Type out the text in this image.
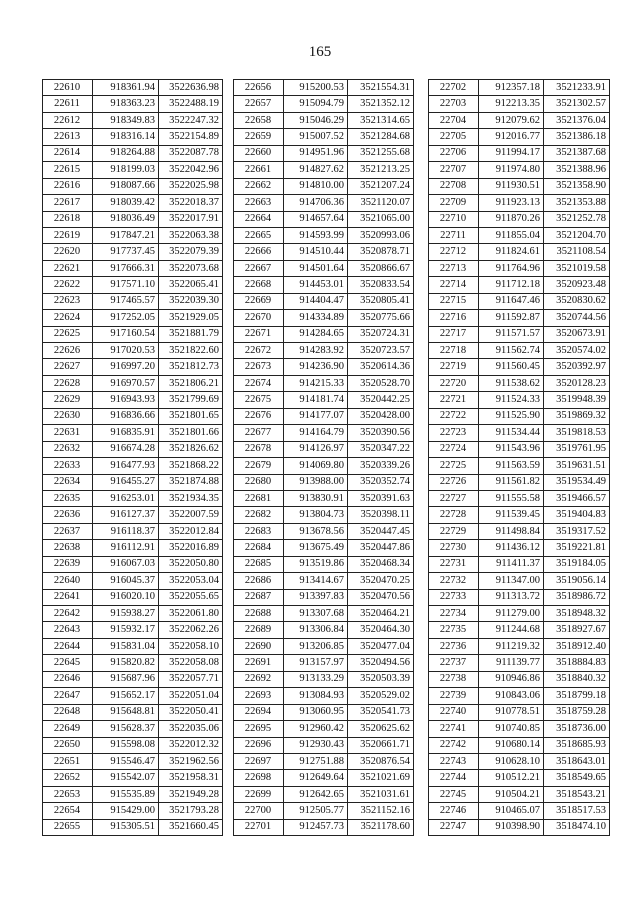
165
22610	918361.94	3522636.98
22611	918363.23	3522488.19
22612	918349.83	3522247.32
22613	918316.14	3522154.89
22614	918264.88	3522087.78
22615	918199.03	3522042.96
22616	918087.66	3522025.98
22617	918039.42	3522018.37
22618	918036.49	3522017.91
22619	917847.21	3522063.38
22620	917737.45	3522079.39
22621	917666.31	3522073.68
22622	917571.10	3522065.41
22623	917465.57	3522039.30
22624	917252.05	3521929.05
22625	917160.54	3521881.79
22626	917020.53	3521822.60
22627	916997.20	3521812.73
22628	916970.57	3521806.21
22629	916943.93	3521799.69
22630	916836.66	3521801.65
22631	916835.91	3521801.66
22632	916674.28	3521826.62
22633	916477.93	3521868.22
22634	916455.27	3521874.88
22635	916253.01	3521934.35
22636	916127.37	3522007.59
22637	916118.37	3522012.84
22638	916112.91	3522016.89
22639	916067.03	3522050.80
22640	916045.37	3522053.04
22641	916020.10	3522055.65
22642	915938.27	3522061.80
22643	915932.17	3522062.26
22644	915831.04	3522058.10
22645	915820.82	3522058.08
22646	915687.96	3522057.71
22647	915652.17	3522051.04
22648	915648.81	3522050.41
22649	915628.37	3522035.06
22650	915598.08	3522012.32
22651	915546.47	3521962.56
22652	915542.07	3521958.31
22653	915535.89	3521949.28
22654	915429.00	3521793.28
22655	915305.51	3521660.45
22656	915200.53	3521554.31
22657	915094.79	3521352.12
22658	915046.29	3521314.65
22659	915007.52	3521284.68
22660	914951.96	3521255.68
22661	914827.62	3521213.25
22662	914810.00	3521207.24
22663	914706.36	3521120.07
22664	914657.64	3521065.00
22665	914593.99	3520993.06
22666	914510.44	3520878.71
22667	914501.64	3520866.67
22668	914453.01	3520833.54
22669	914404.47	3520805.41
22670	914334.89	3520775.66
22671	914284.65	3520724.31
22672	914283.92	3520723.57
22673	914236.90	3520614.36
22674	914215.33	3520528.70
22675	914181.74	3520442.25
22676	914177.07	3520428.00
22677	914164.79	3520390.56
22678	914126.97	3520347.22
22679	914069.80	3520339.26
22680	913988.00	3520352.74
22681	913830.91	3520391.63
22682	913804.73	3520398.11
22683	913678.56	3520447.45
22684	913675.49	3520447.86
22685	913519.86	3520468.34
22686	913414.67	3520470.25
22687	913397.83	3520470.56
22688	913307.68	3520464.21
22689	913306.84	3520464.30
22690	913206.85	3520477.04
22691	913157.97	3520494.56
22692	913133.29	3520503.39
22693	913084.93	3520529.02
22694	913060.95	3520541.73
22695	912960.42	3520625.62
22696	912930.43	3520661.71
22697	912751.88	3520876.54
22698	912649.64	3521021.69
22699	912642.65	3521031.61
22700	912505.77	3521152.16
22701	912457.73	3521178.60
22702	912357.18	3521233.91
22703	912213.35	3521302.57
22704	912079.62	3521376.04
22705	912016.77	3521386.18
22706	911994.17	3521387.68
22707	911974.80	3521388.96
22708	911930.51	3521358.90
22709	911923.13	3521353.88
22710	911870.26	3521252.78
22711	911855.04	3521204.70
22712	911824.61	3521108.54
22713	911764.96	3521019.58
22714	911712.18	3520923.48
22715	911647.46	3520830.62
22716	911592.87	3520744.56
22717	911571.57	3520673.91
22718	911562.74	3520574.02
22719	911560.45	3520392.97
22720	911538.62	3520128.23
22721	911524.33	3519948.39
22722	911525.90	3519869.32
22723	911534.44	3519818.53
22724	911543.96	3519761.95
22725	911563.59	3519631.51
22726	911561.82	3519534.49
22727	911555.58	3519466.57
22728	911539.45	3519404.83
22729	911498.84	3519317.52
22730	911436.12	3519221.81
22731	911411.37	3519184.05
22732	911347.00	3519056.14
22733	911313.72	3518986.72
22734	911279.00	3518948.32
22735	911244.68	3518927.67
22736	911219.32	3518912.40
22737	911139.77	3518884.83
22738	910946.86	3518840.32
22739	910843.06	3518799.18
22740	910778.51	3518759.28
22741	910740.85	3518736.00
22742	910680.14	3518685.93
22743	910628.10	3518643.01
22744	910512.21	3518549.65
22745	910504.21	3518543.21
22746	910465.07	3518517.53
22747	910398.90	3518474.10
